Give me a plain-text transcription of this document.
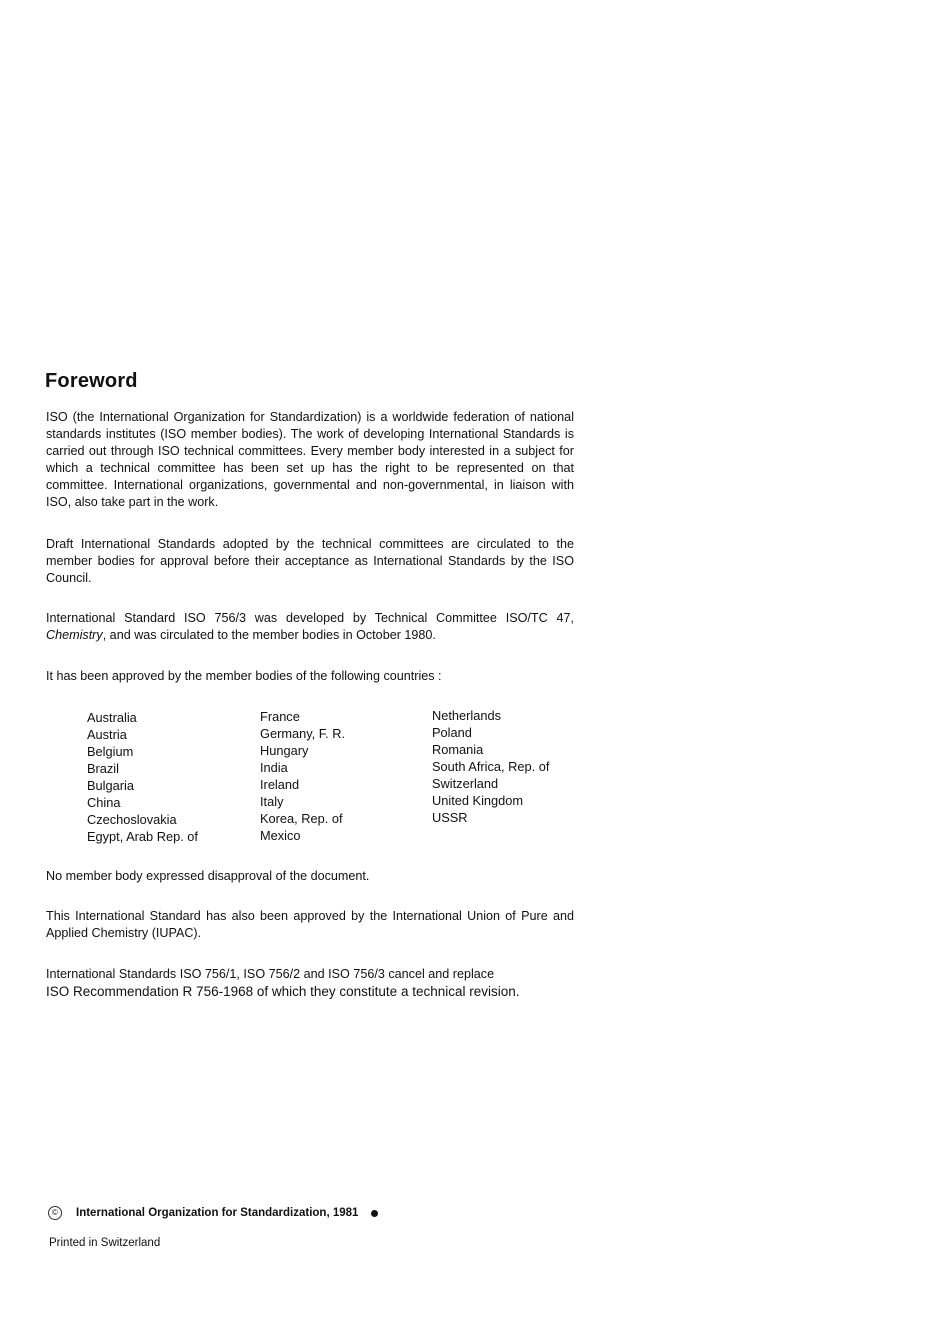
Foreword

ISO (the International Organization for Standardization) is a worldwide federation of national standards institutes (ISO member bodies). The work of developing International Standards is carried out through ISO technical committees. Every member body interested in a subject for which a technical committee has been set up has the right to be represented on that committee. International organizations, governmental and non-governmental, in liaison with ISO, also take part in the work.

Draft International Standards adopted by the technical committees are circulated to the member bodies for approval before their acceptance as International Standards by the ISO Council.

International Standard ISO 756/3 was developed by Technical Committee ISO/TC 47, Chemistry, and was circulated to the member bodies in October 1980.

It has been approved by the member bodies of the following countries :

Australia
Austria
Belgium
Brazil
Bulgaria
China
Czechoslovakia
Egypt, Arab Rep. of
France
Germany, F. R.
Hungary
India
Ireland
Italy
Korea, Rep. of
Mexico
Netherlands
Poland
Romania
South Africa, Rep. of
Switzerland
United Kingdom
USSR

No member body expressed disapproval of the document.

This International Standard has also been approved by the International Union of Pure and Applied Chemistry (IUPAC).

International Standards ISO 756/1, ISO 756/2 and ISO 756/3 cancel and replace
ISO Recommendation R 756-1968 of which they constitute a technical revision.

©	International Organization for Standardization, 1981
Printed in Switzerland
